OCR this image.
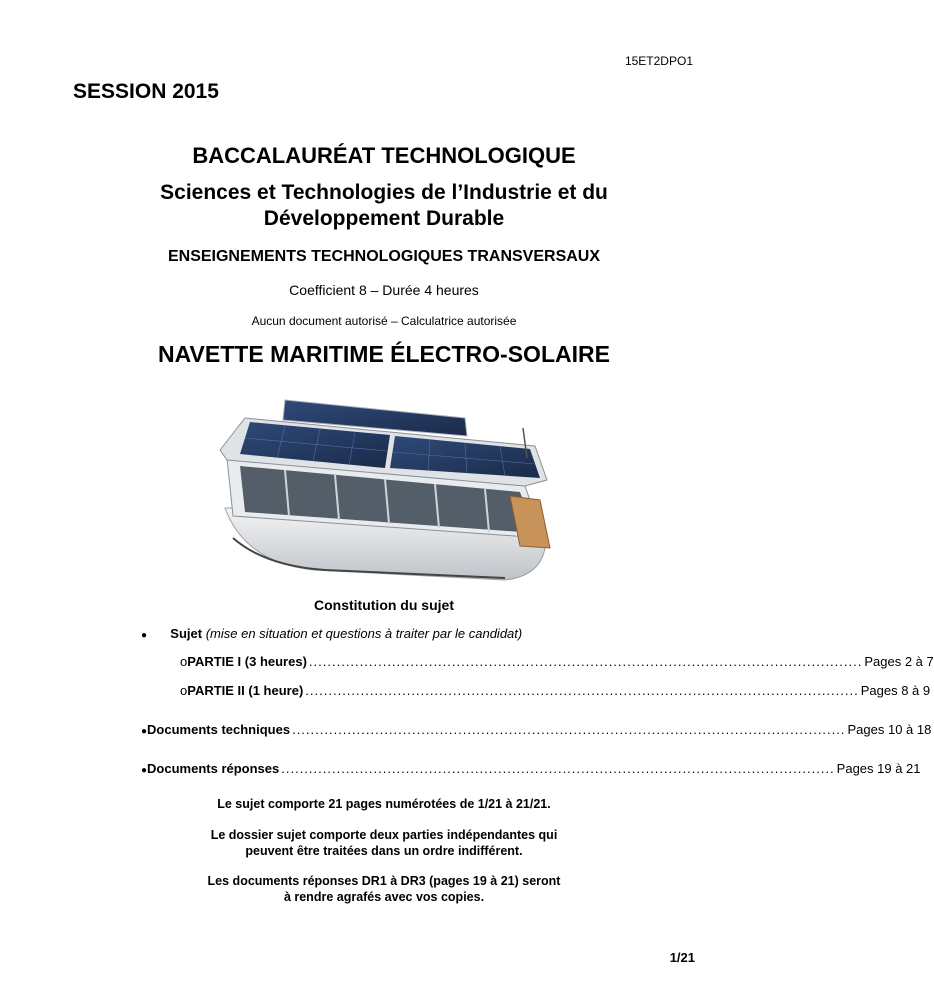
15ET2DPO1
SESSION 2015
BACCALAURÉAT TECHNOLOGIQUE
Sciences et Technologies de l’Industrie et du
Développement Durable
ENSEIGNEMENTS TECHNOLOGIQUES TRANSVERSAUX
Coefficient 8 – Durée 4 heures
Aucun document autorisé – Calculatrice autorisée
NAVETTE MARITIME ÉLECTRO-SOLAIRE
Constitution du sujet
● Sujet (mise en situation et questions à traiter par le candidat)
o PARTIE I (3 heures) ........................................................................................................................ Pages 2 à 7
o PARTIE II (1 heure) ........................................................................................................................ Pages 8 à 9
● Documents techniques ........................................................................................................................ Pages 10 à 18
● Documents réponses ........................................................................................................................ Pages 19 à 21
Le sujet comporte 21 pages numérotées de 1/21 à 21/21.
Le dossier sujet comporte deux parties indépendantes qui
peuvent être traitées dans un ordre indifférent.
Les documents réponses DR1 à DR3 (pages 19 à 21) seront
à rendre agrafés avec vos copies.
1/21
